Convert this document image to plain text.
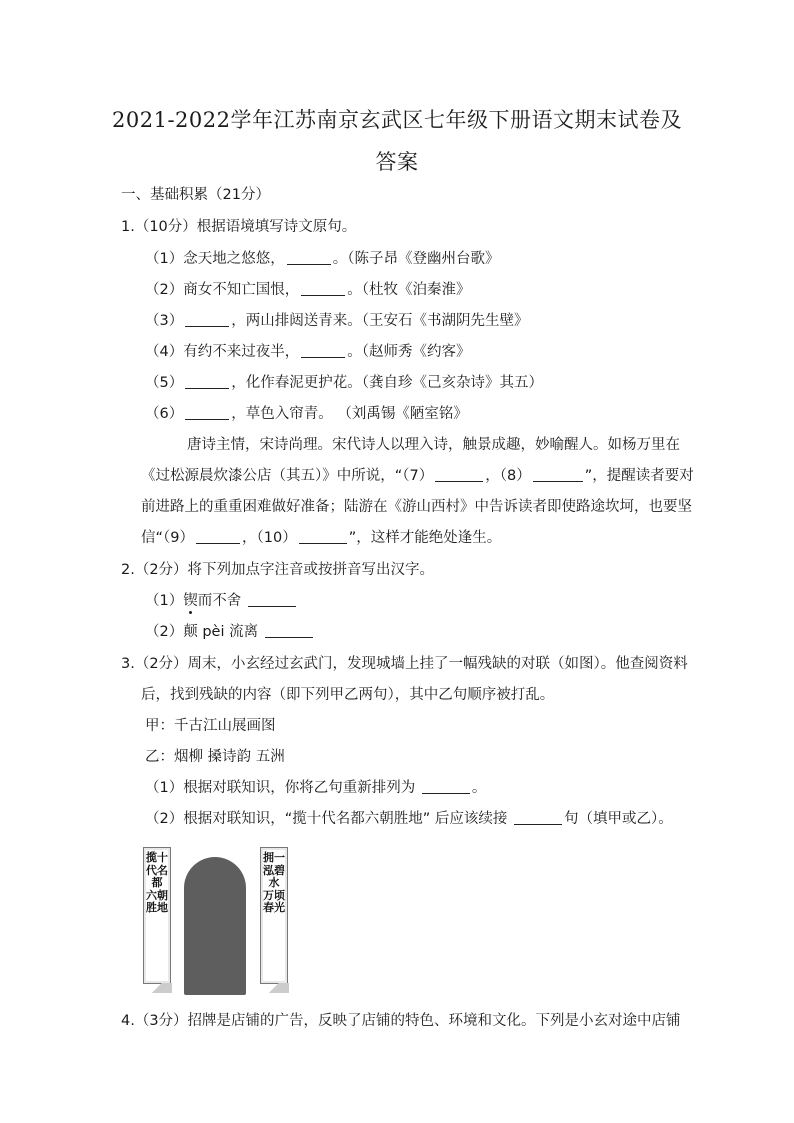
2021-2022学年江苏南京玄武区七年级下册语文期末试卷及
答案
一、基础积累（21分）
1.（10分）根据语境填写诗文原句。
（1）念天地之悠悠，	。（陈子昂《登幽州台歌》
（2）商女不知亡国恨，	。（杜牧《泊秦淮》
（3）	，两山排闼送青来。（王安石《书湖阴先生壁》
（4）有约不来过夜半，	。（赵师秀《约客》
（5）	，化作春泥更护花。（龚自珍《己亥杂诗》其五）
（6）	，草色入帘青。 （刘禹锡《陋室铭》
唐诗主情，宋诗尚理。宋代诗人以理入诗，触景成趣，妙喻醒人。如杨万里在
《过松源晨炊漆公店（其五）》中所说，“（7）	，（8）	”，提醒读者要对
前进路上的重重困难做好准备；陆游在《游山西村》中告诉读者即使路途坎坷，也要坚
信“（9）	，（10）	”，这样才能绝处逢生。
2.（2分）将下列加点字注音或按拼音写出汉字。
（1）锲而不舍
（2）颠 pèi 流离
3.（2分）周末，小玄经过玄武门，发现城墙上挂了一幅残缺的对联（如图）。他查阅资料
后，找到残缺的内容（即下列甲乙两句），其中乙句顺序被打乱。
甲：千古江山展画图
乙：烟柳 搡诗韵 五洲
（1）根据对联知识，你将乙句重新排列为	。
（2）根据对联知识，“揽十代名都六朝胜地” 后应该续接	句（填甲或乙）。
揽十代名都 六朝胜地
拥一泓碧水 万顷春光
4.（3分）招牌是店铺的广告，反映了店铺的特色、环境和文化。下列是小玄对途中店铺
